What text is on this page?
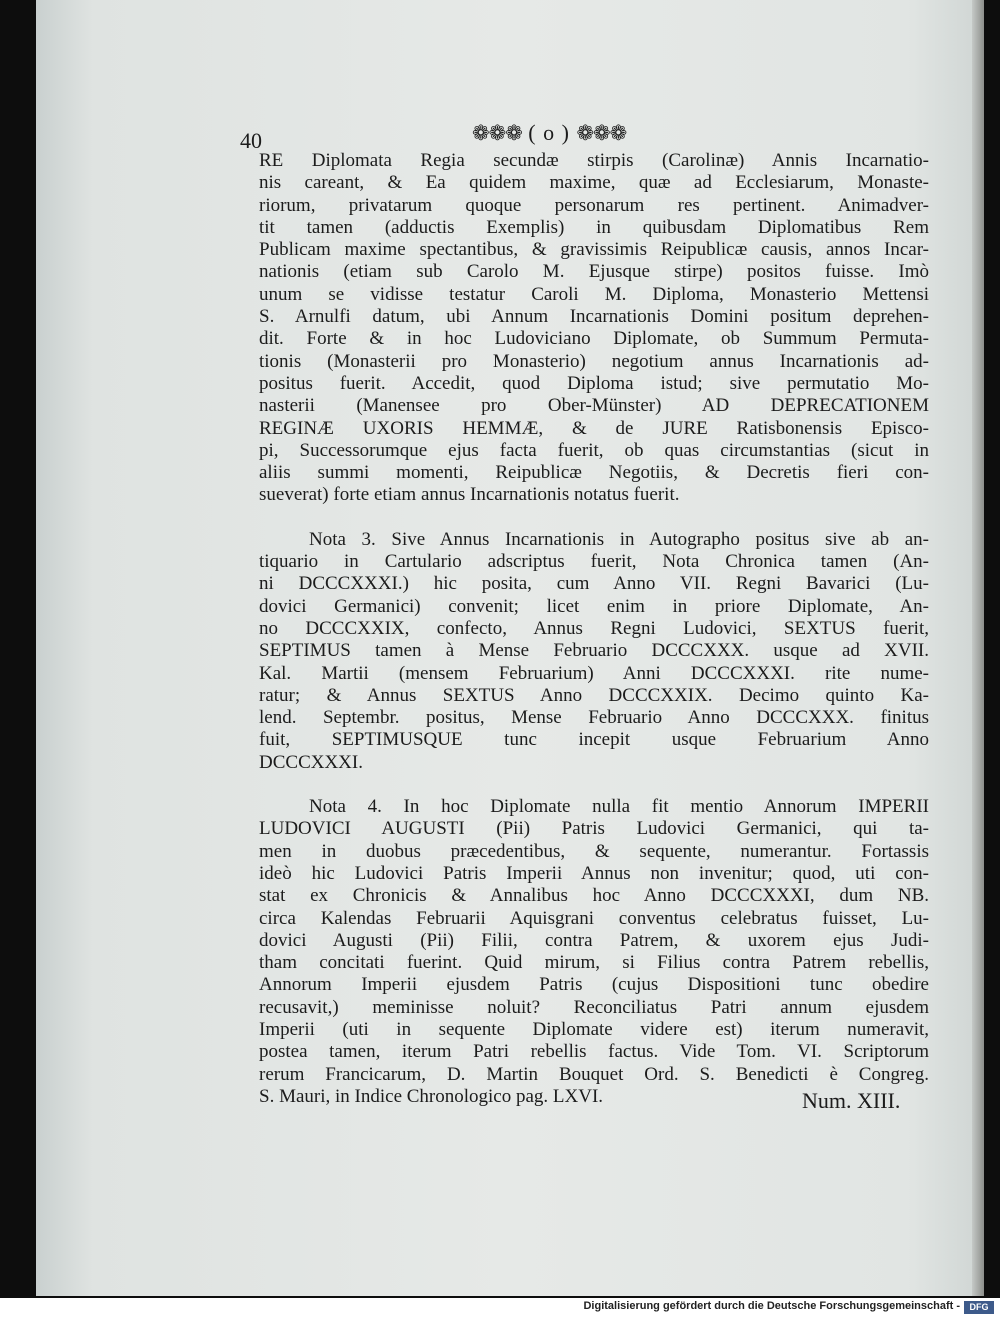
40	❁❁❁ ( o ) ❁❁❁
RE Diplomata Regia secundæ stirpis (Carolinæ) Annis Incarnatio-
nis careant, & Ea quidem maxime, quæ ad Ecclesiarum, Monaste-
riorum, privatarum quoque personarum res pertinent. Animadver-
tit tamen (adductis Exemplis) in quibusdam Diplomatibus Rem
Publicam maxime spectantibus, & gravissimis Reipublicæ causis, annos Incar-
nationis (etiam sub Carolo M. Ejusque stirpe) positos fuisse. Imò
unum se vidisse testatur Caroli M. Diploma, Monasterio Mettensi
S. Arnulfi datum, ubi Annum Incarnationis Domini positum deprehen-
dit. Forte & in hoc Ludoviciano Diplomate, ob Summum Permuta-
tionis (Monasterii pro Monasterio) negotium annus Incarnationis ad-
positus fuerit. Accedit, quod Diploma istud; sive permutatio Mo-
nasterii (Manensee pro Ober-Münster) AD DEPRECATIONEM
REGINÆ UXORIS HEMMÆ, & de JURE Ratisbonensis Episco-
pi, Successorumque ejus facta fuerit, ob quas circumstantias (sicut in
aliis summi momenti, Reipublicæ Negotiis, & Decretis fieri con-
sueverat) forte etiam annus Incarnationis notatus fuerit.
Nota 3. Sive Annus Incarnationis in Autographo positus sive ab an-
tiquario in Cartulario adscriptus fuerit, Nota Chronica tamen (An-
ni DCCCXXXI.) hic posita, cum Anno VII. Regni Bavarici (Lu-
dovici Germanici) convenit; licet enim in priore Diplomate, An-
no DCCCXXIX, confecto, Annus Regni Ludovici, SEXTUS fuerit,
SEPTIMUS tamen à Mense Februario DCCCXXX. usque ad XVII.
Kal. Martii (mensem Februarium) Anni DCCCXXXI. rite nume-
ratur; & Annus SEXTUS Anno DCCCXXIX. Decimo quinto Ka-
lend. Septembr. positus, Mense Februario Anno DCCCXXX. finitus
fuit, SEPTIMUSQUE tunc incepit usque Februarium Anno
DCCCXXXI.
Nota 4. In hoc Diplomate nulla fit mentio Annorum IMPERII
LUDOVICI AUGUSTI (Pii) Patris Ludovici Germanici, qui ta-
men in duobus præcedentibus, & sequente, numerantur. Fortassis
ideò hic Ludovici Patris Imperii Annus non invenitur; quod, uti con-
stat ex Chronicis & Annalibus hoc Anno DCCCXXXI, dum NB.
circa Kalendas Februarii Aquisgrani conventus celebratus fuisset, Lu-
dovici Augusti (Pii) Filii, contra Patrem, & uxorem ejus Judi-
tham concitati fuerint. Quid mirum, si Filius contra Patrem rebellis,
Annorum Imperii ejusdem Patris (cujus Dispositioni tunc obedire
recusavit,) meminisse noluit? Reconciliatus Patri annum ejusdem
Imperii (uti in sequente Diplomate videre est) iterum numeravit,
postea tamen, iterum Patri rebellis factus. Vide Tom. VI. Scriptorum
rerum Francicarum, D. Martin Bouquet Ord. S. Benedicti è Congreg.
S. Mauri, in Indice Chronologico pag. LXVI.	Num. XIII.
Digitalisierung gefördert durch die Deutsche Forschungsgemeinschaft -	DFG
